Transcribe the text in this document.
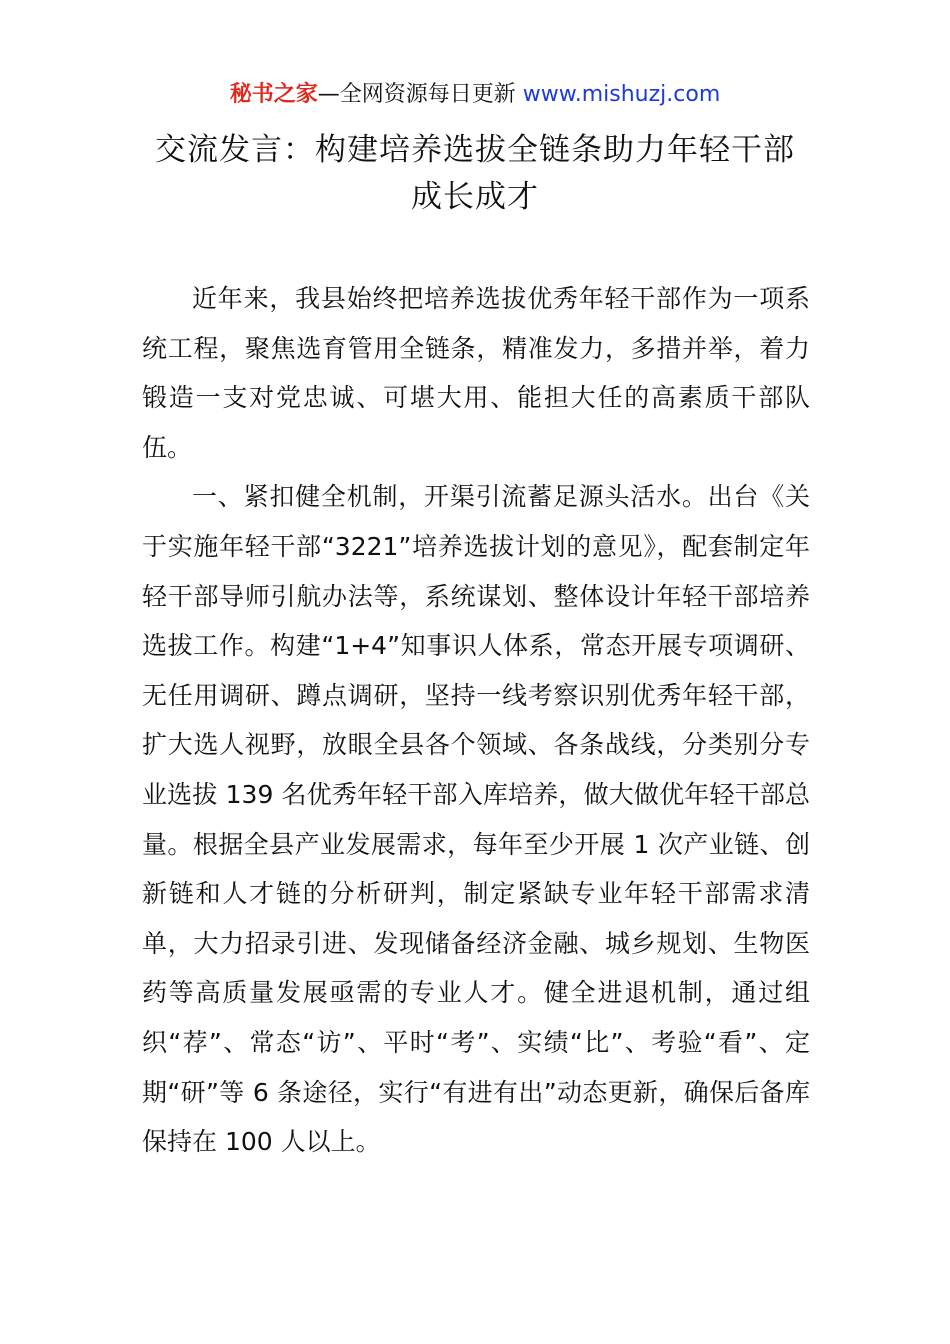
秘书之家—全网资源每日更新 www.mishuzj.com
交流发言：构建培养选拔全链条助力年轻干部
成长成才

近年来，我县始终把培养选拔优秀年轻干部作为一项系统工程，聚焦选育管用全链条，精准发力，多措并举，着力锻造一支对党忠诚、可堪大用、能担大任的高素质干部队伍。

一、紧扣健全机制，开渠引流蓄足源头活水。出台《关于实施年轻干部“3221”培养选拔计划的意见》，配套制定年轻干部导师引航办法等，系统谋划、整体设计年轻干部培养选拔工作。构建“1+4”知事识人体系，常态开展专项调研、无任用调研、蹲点调研，坚持一线考察识别优秀年轻干部，扩大选人视野，放眼全县各个领域、各条战线，分类别分专业选拔 139 名优秀年轻干部入库培养，做大做优年轻干部总量。根据全县产业发展需求，每年至少开展 1 次产业链、创新链和人才链的分析研判，制定紧缺专业年轻干部需求清单，大力招录引进、发现储备经济金融、城乡规划、生物医药等高质量发展亟需的专业人才。健全进退机制，通过组织“荐”、常态“访”、平时“考”、实绩“比”、考验“看”、定期“研”等 6 条途径，实行“有进有出”动态更新，确保后备库保持在 100 人以上。
